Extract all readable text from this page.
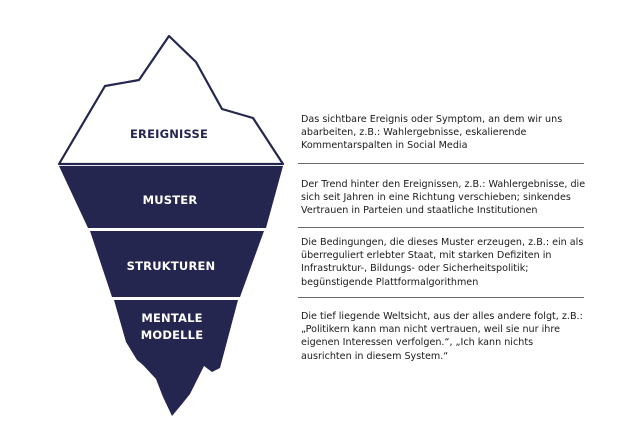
EREIGNISSE
MUSTER
STRUKTUREN
MENTALE
MODELLE

Das sichtbare Ereignis oder Symptom, an dem wir uns abarbeiten, z.B.: Wahlergebnisse, eskalierende Kommentarspalten in Social Media

Der Trend hinter den Ereignissen, z.B.: Wahlergebnisse, die sich seit Jahren in eine Richtung verschieben; sinkendes Vertrauen in Parteien und staatliche Institutionen

Die Bedingungen, die dieses Muster erzeugen, z.B.: ein als überreguliert erlebter Staat, mit starken Defiziten in Infrastruktur-, Bildungs- oder Sicherheitspolitik; begünstigende Plattformalgorithmen

Die tief liegende Weltsicht, aus der alles andere folgt, z.B.: „Politikern kann man nicht vertrauen, weil sie nur ihre eigenen Interessen verfolgen.“, „Ich kann nichts ausrichten in diesem System.“
